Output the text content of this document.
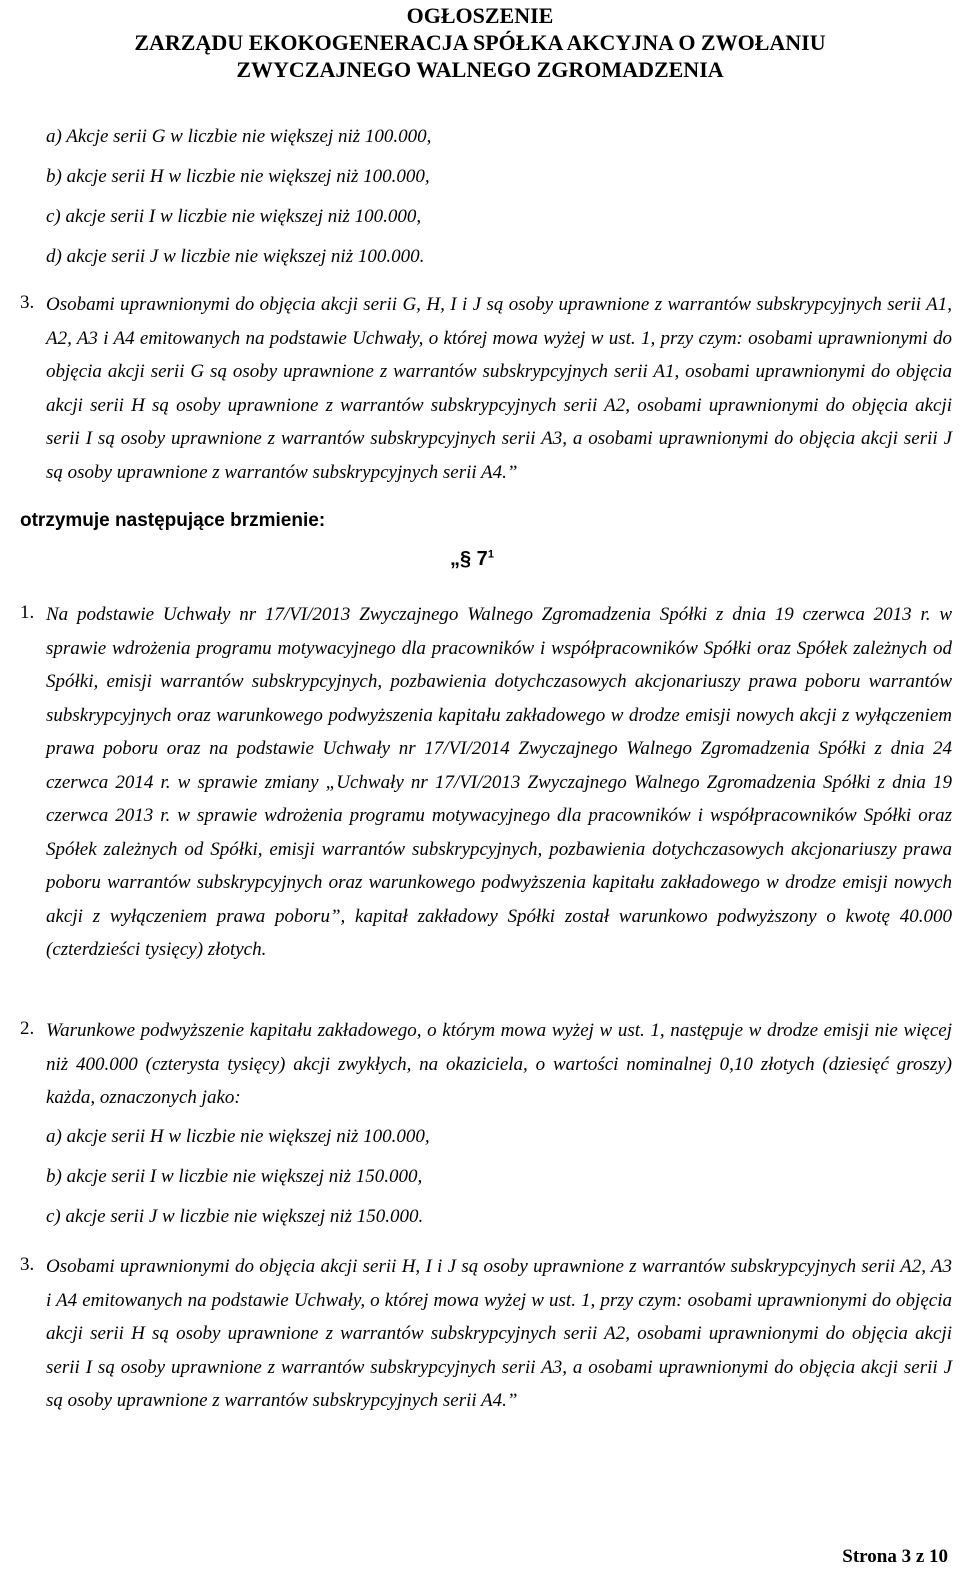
OGŁOSZENIE
ZARZĄDU EKOKOGENERACJA SPÓŁKA AKCYJNA O ZWOŁANIU
ZWYCZAJNEGO WALNEGO ZGROMADZENIA
a) Akcje serii G w liczbie nie większej niż 100.000,
b) akcje serii H w liczbie nie większej niż 100.000,
c) akcje serii I w liczbie nie większej niż 100.000,
d) akcje serii J w liczbie nie większej niż 100.000.
3. Osobami uprawnionymi do objęcia akcji serii G, H, I i J są osoby uprawnione z warrantów subskrypcyjnych serii A1, A2, A3 i A4 emitowanych na podstawie Uchwały, o której mowa wyżej w ust. 1, przy czym: osobami uprawnionymi do objęcia akcji serii G są osoby uprawnione z warrantów subskrypcyjnych serii A1, osobami uprawnionymi do objęcia akcji serii H są osoby uprawnione z warrantów subskrypcyjnych serii A2, osobami uprawnionymi do objęcia akcji serii I są osoby uprawnione z warrantów subskrypcyjnych serii A3, a osobami uprawnionymi do objęcia akcji serii J są osoby uprawnione z warrantów subskrypcyjnych serii A4.”
otrzymuje następujące brzmienie:
„§ $7^1$
1. Na podstawie Uchwały nr 17/VI/2013 Zwyczajnego Walnego Zgromadzenia Spółki z dnia 19 czerwca 2013 r. w sprawie wdrożenia programu motywacyjnego dla pracowników i współpracowników Spółki oraz Spółek zależnych od Spółki, emisji warrantów subskrypcyjnych, pozbawienia dotychczasowych akcjonariuszy prawa poboru warrantów subskrypcyjnych oraz warunkowego podwyższenia kapitału zakładowego w drodze emisji nowych akcji z wyłączeniem prawa poboru oraz na podstawie Uchwały nr 17/VI/2014 Zwyczajnego Walnego Zgromadzenia Spółki z dnia 24 czerwca 2014 r. w sprawie zmiany „Uchwały nr 17/VI/2013 Zwyczajnego Walnego Zgromadzenia Spółki z dnia 19 czerwca 2013 r. w sprawie wdrożenia programu motywacyjnego dla pracowników i współpracowników Spółki oraz Spółek zależnych od Spółki, emisji warrantów subskrypcyjnych, pozbawienia dotychczasowych akcjonariuszy prawa poboru warrantów subskrypcyjnych oraz warunkowego podwyższenia kapitału zakładowego w drodze emisji nowych akcji z wyłączeniem prawa poboru”, kapitał zakładowy Spółki został warunkowo podwyższony o kwotę 40.000 (czterdzieści tysięcy) złotych.
2. Warunkowe podwyższenie kapitału zakładowego, o którym mowa wyżej w ust. 1, następuje w drodze emisji nie więcej niż 400.000 (czterysta tysięcy) akcji zwykłych, na okaziciela, o wartości nominalnej 0,10 złotych (dziesięć groszy) każda, oznaczonych jako:
a) akcje serii H w liczbie nie większej niż 100.000,
b) akcje serii I w liczbie nie większej niż 150.000,
c) akcje serii J w liczbie nie większej niż 150.000.
3. Osobami uprawnionymi do objęcia akcji serii H, I i J są osoby uprawnione z warrantów subskrypcyjnych serii A2, A3 i A4 emitowanych na podstawie Uchwały, o której mowa wyżej w ust. 1, przy czym: osobami uprawnionymi do objęcia akcji serii H są osoby uprawnione z warrantów subskrypcyjnych serii A2, osobami uprawnionymi do objęcia akcji serii I są osoby uprawnione z warrantów subskrypcyjnych serii A3, a osobami uprawnionymi do objęcia akcji serii J są osoby uprawnione z warrantów subskrypcyjnych serii A4.”
Strona 3 z 10
